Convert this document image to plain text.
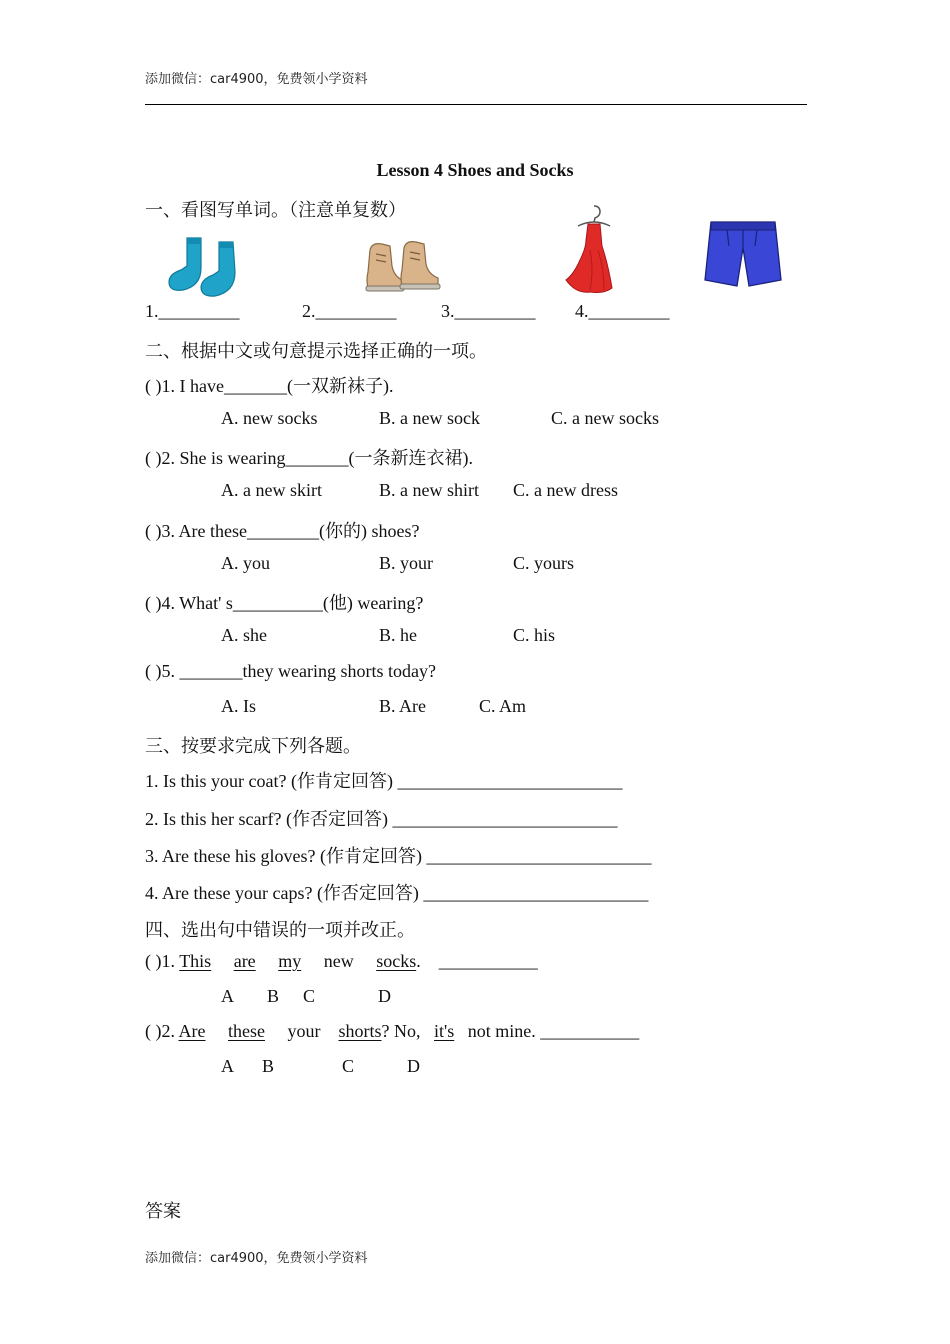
添加微信：car4900，免费领小学资料
Lesson 4 Shoes and Socks
一、看图写单词。（注意单复数）
1._________	2._________ 3._________ 4._________
二、根据中文或句意提示选择正确的一项。
( )1. I have_______(一双新袜子).
A. new socks	B. a new sock	C. a new socks
( )2. She is wearing_______(一条新连衣裙).
A. a new skirt	B. a new shirt C. a new dress
( )3. Are these________(你的) shoes?
A. you	B. your	C. yours
( )4. What' s__________(他) wearing?
A. she	B. he	C. his
( )5. _______they wearing shorts today?
A. Is	B. Are	C. Am
三、按要求完成下列各题。
1. Is this your coat? (作肯定回答) _________________________
2. Is this her scarf? (作否定回答) _________________________
3. Are these his gloves? (作肯定回答) _________________________
4. Are these your caps? (作否定回答) _________________________
四、选出句中错误的一项并改正。
( )1. This are my new socks. ___________
A B C	D
( )2. Are these your shorts? No, it's not mine. ___________
A B	C	D
答案
添加微信：car4900，免费领小学资料
